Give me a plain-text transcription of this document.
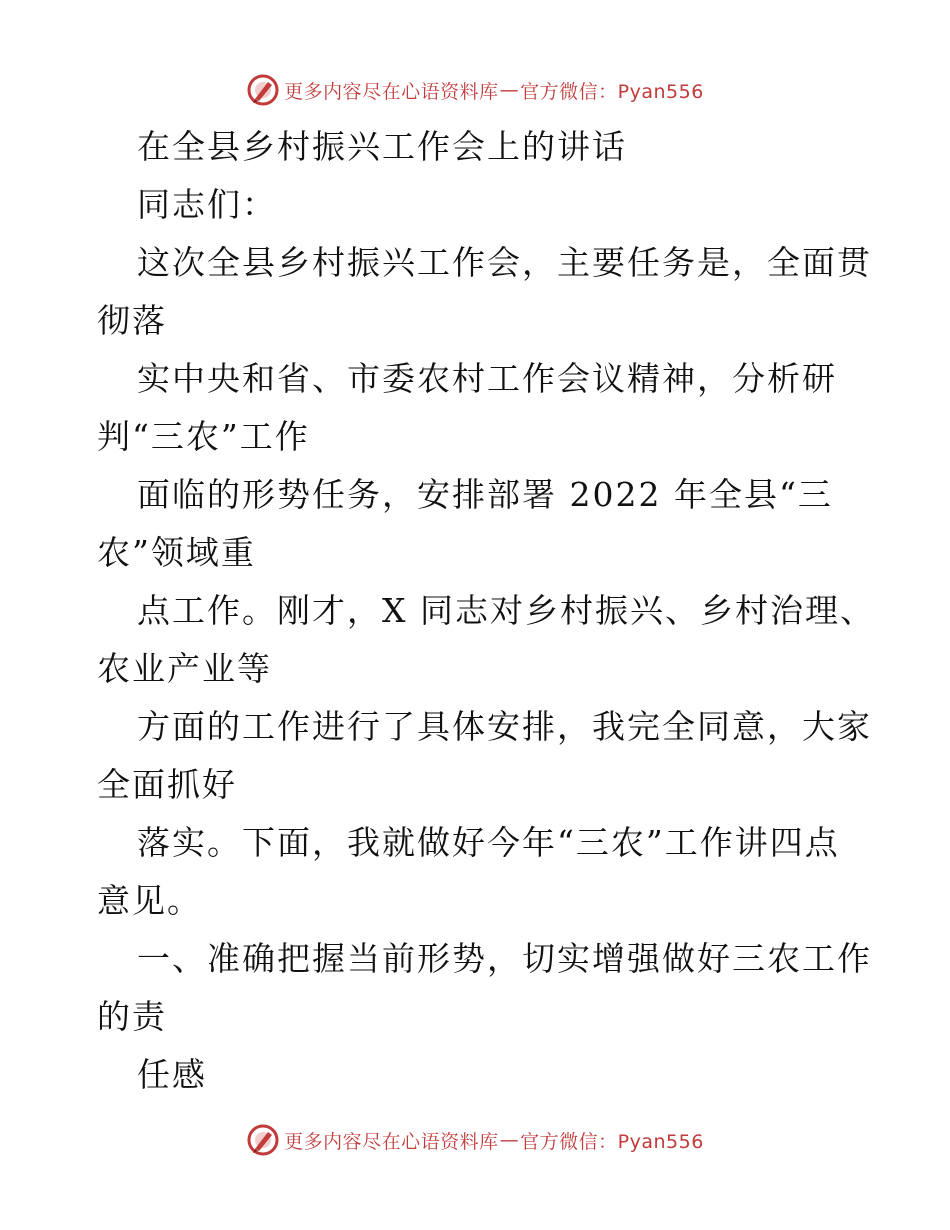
更多内容尽在心语资料库 — 官方微信：Pyan556
在全县乡村振兴工作会上的讲话
同志们：
这次全县乡村振兴工作会，主要任务是，全面贯
彻落
实中央和省、市委农村工作会议精神，分析研
判“三农”工作
面临的形势任务，安排部署 2022 年全县“三
农”领域重
点工作。刚才，X 同志对乡村振兴、乡村治理、
农业产业等
方面的工作进行了具体安排，我完全同意，大家
全面抓好
落实。下面，我就做好今年“三农”工作讲四点
意见。
一、准确把握当前形势，切实增强做好三农工作
的责
任感
更多内容尽在心语资料库 — 官方微信：Pyan556
